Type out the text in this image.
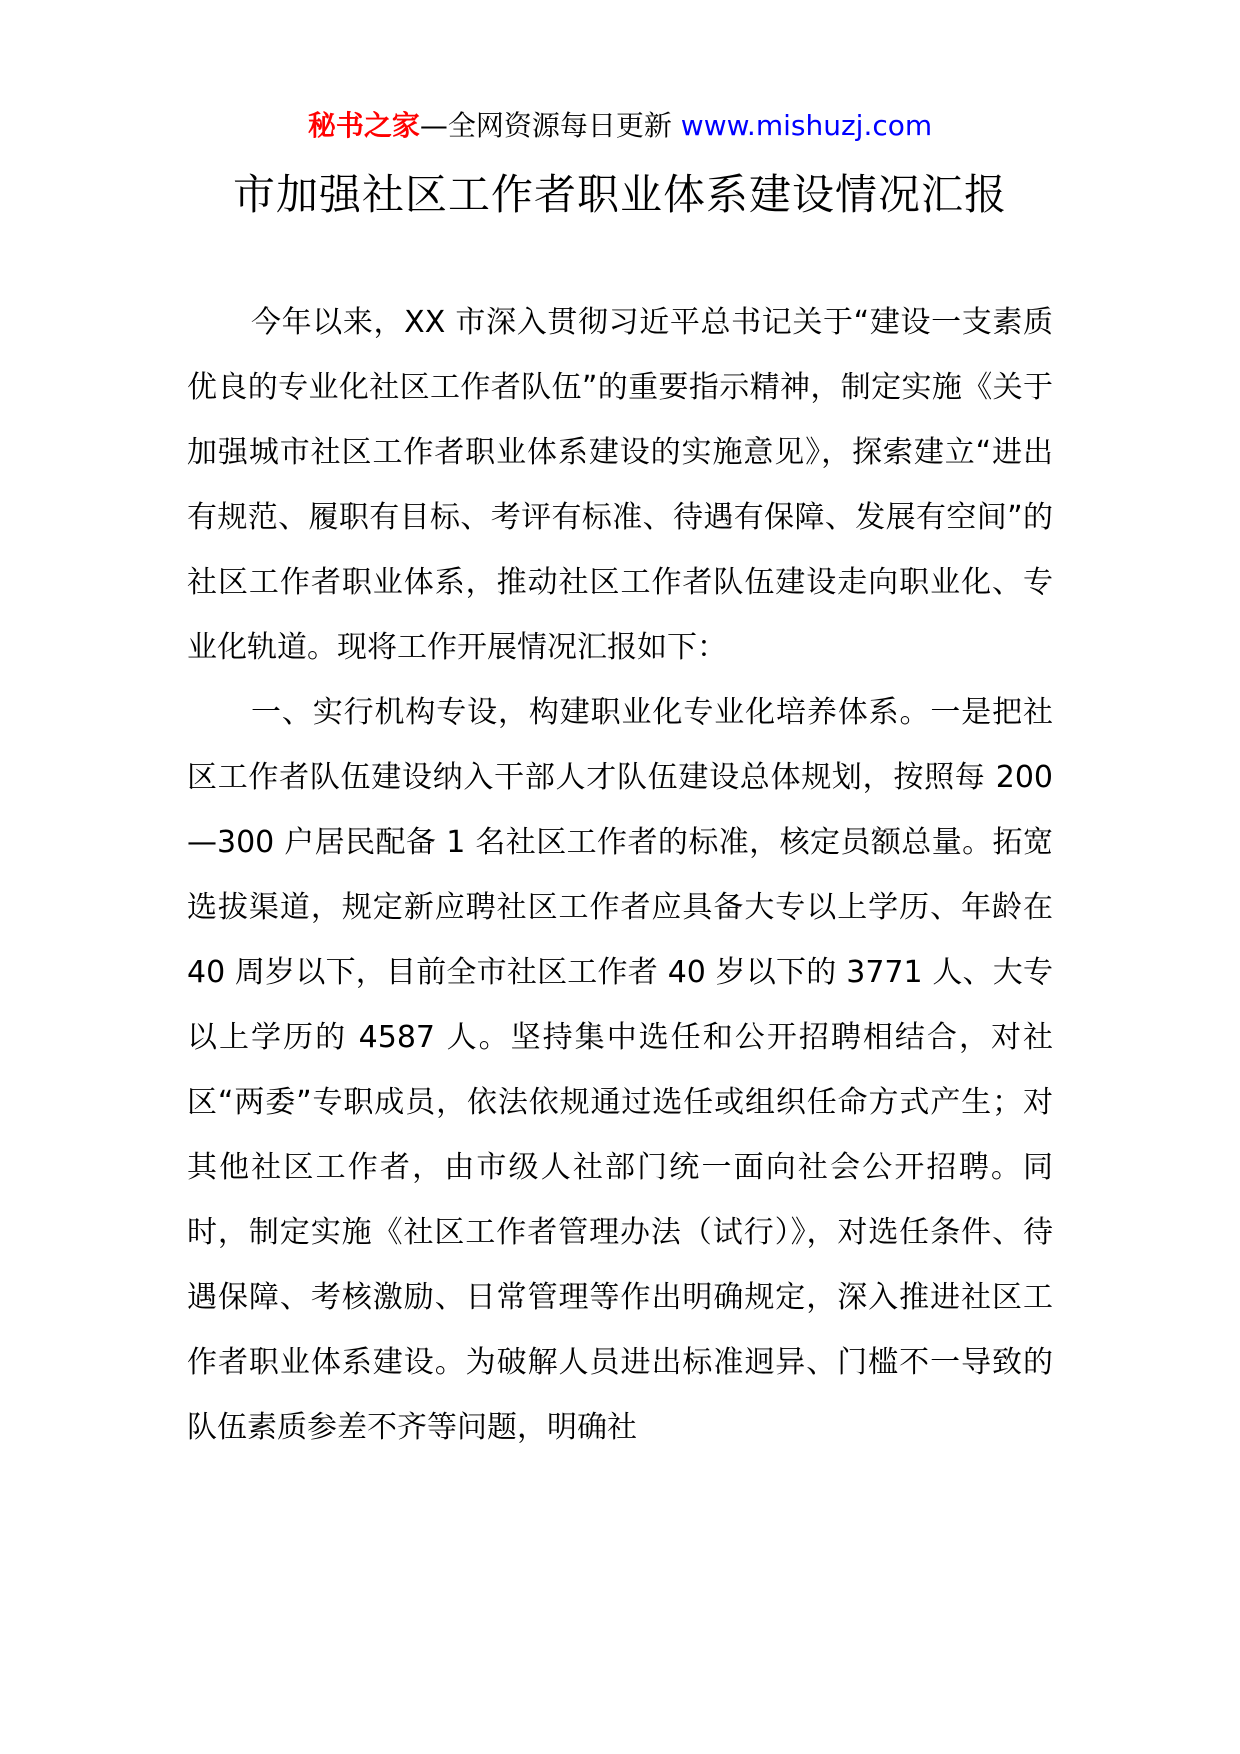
秘书之家—全网资源每日更新 www.mishuzj.com
市加强社区工作者职业体系建设情况汇报

今年以来，XX 市深入贯彻习近平总书记关于“建设一支素质优良的专业化社区工作者队伍”的重要指示精神，制定实施《关于加强城市社区工作者职业体系建设的实施意见》，探索建立“进出有规范、履职有目标、考评有标准、待遇有保障、发展有空间”的社区工作者职业体系，推动社区工作者队伍建设走向职业化、专业化轨道。现将工作开展情况汇报如下：

一、实行机构专设，构建职业化专业化培养体系。一是把社区工作者队伍建设纳入干部人才队伍建设总体规划，按照每 200—300 户居民配备 1 名社区工作者的标准，核定员额总量。拓宽选拔渠道，规定新应聘社区工作者应具备大专以上学历、年龄在 40 周岁以下，目前全市社区工作者 40 岁以下的 3771 人、大专以上学历的 4587 人。坚持集中选任和公开招聘相结合，对社区“两委”专职成员，依法依规通过选任或组织任命方式产生；对其他社区工作者，由市级人社部门统一面向社会公开招聘。同时，制定实施《社区工作者管理办法（试行）》，对选任条件、待遇保障、考核激励、日常管理等作出明确规定，深入推进社区工作者职业体系建设。为破解人员进出标准迥异、门槛不一导致的队伍素质参差不齐等问题，明确社
